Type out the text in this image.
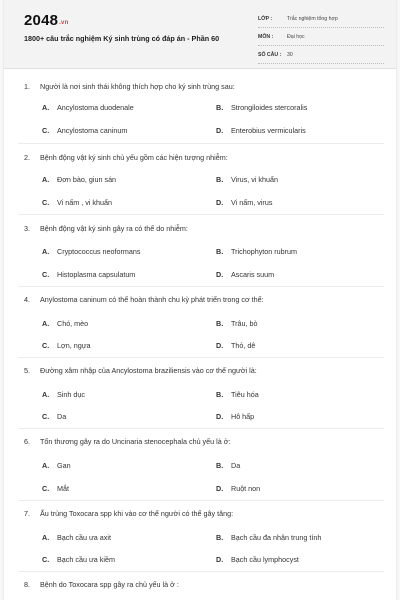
2048.vn
1800+ câu trắc nghiệm Ký sinh trùng có đáp án - Phần 60
LỚP :	Trắc nghiệm tổng hợp
MÔN :	Đại học
SỐ CÂU : 30
1.	Người là nơi sinh thái không thích hợp cho ký sinh trùng sau:
A. Ancylostoma duodenale	B. Strongiloides stercoralis
C. Ancylostoma caninum	D. Enterobius vermicularis
2.	Bệnh động vật ký sinh chủ yếu gồm các hiện tượng nhiễm:
A. Đơn bào, giun sán	B. Virus, vi khuẩn
C. Vi nấm , vi khuẩn	D. Vi nấm, virus
3.	Bệnh động vật ký sinh gây ra có thể do nhiễm:
A. Cryptococcus neoformans	B. Trichophyton rubrum
C. Histoplasma capsulatum	D. Ascaris suum
4.	Anylostoma caninum có thể hoàn thành chu kỳ phát triển trong cơ thể:
A. Chó, mèo	B. Trâu, bò
C. Lợn, ngựa	D. Thỏ, dê
5.	Đường xâm nhập của Ancylostoma braziliensis vào cơ thể người là:
A. Sinh dục	B. Tiêu hóa
C. Da	D. Hô hấp
6.	Tổn thương gây ra do Uncinaria stenocephala chủ yếu là ở:
A. Gan	B. Da
C. Mắt	D. Ruột non
7.	Ấu trùng Toxocara spp khi vào cơ thể người có thể gây tăng:
A. Bạch cầu ưa axit	B. Bạch cầu đa nhân trung tính
C. Bạch cầu ưa kiềm	D. Bạch cầu lymphocyst
8.	Bệnh do Toxocara spp gây ra chủ yếu là ở :
